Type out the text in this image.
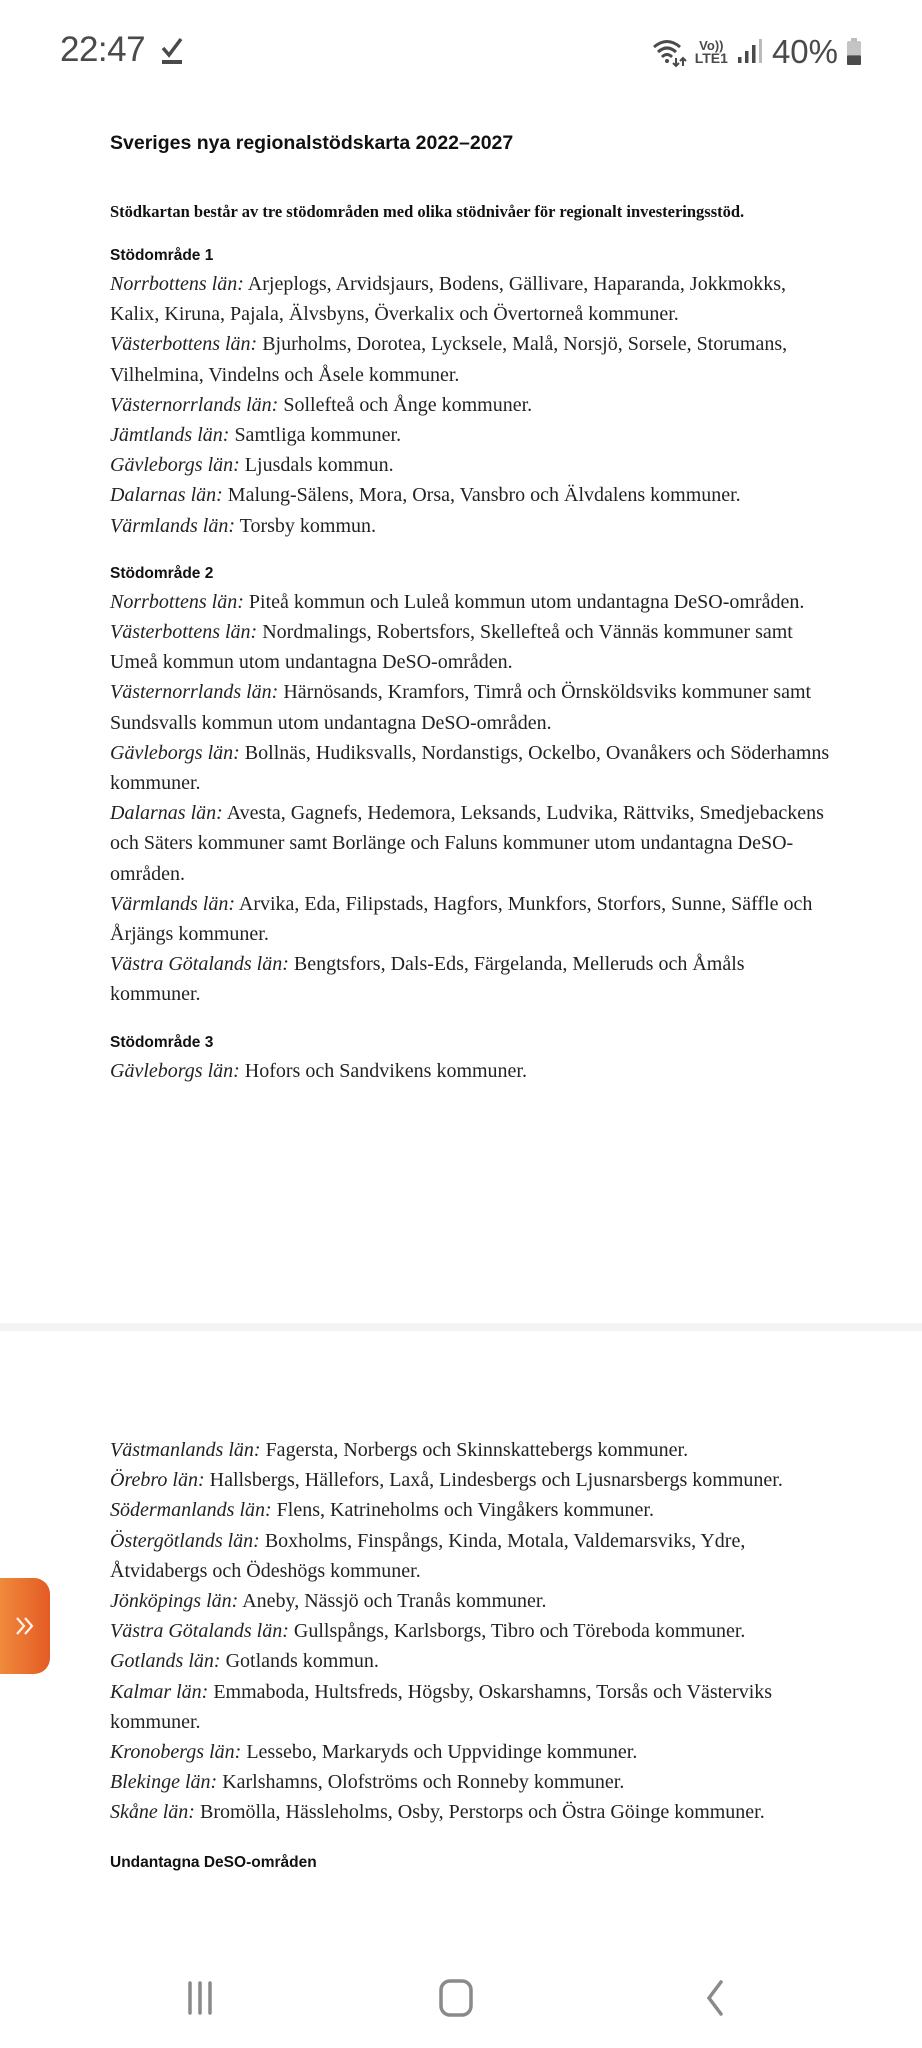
22:47	Vo))
LTE1 40%
Sveriges nya regionalstödskarta 2022–2027

Stödkartan består av tre stödområden med olika stödnivåer för regionalt investeringsstöd.

Stödområde 1

Norrbottens län: Arjeplogs, Arvidsjaurs, Bodens, Gällivare, Haparanda, Jokkmokks, Kalix, Kiruna, Pajala, Älvsbyns, Överkalix och Övertorneå kommuner.

Västerbottens län: Bjurholms, Dorotea, Lycksele, Malå, Norsjö, Sorsele, Storumans, Vilhelmina, Vindelns och Åsele kommuner.

Västernorrlands län: Sollefteå och Ånge kommuner.

Jämtlands län: Samtliga kommuner.

Gävleborgs län: Ljusdals kommun.

Dalarnas län: Malung-Sälens, Mora, Orsa, Vansbro och Älvdalens kommuner.

Värmlands län: Torsby kommun.

Stödområde 2

Norrbottens län: Piteå kommun och Luleå kommun utom undantagna DeSO-områden.

Västerbottens län: Nordmalings, Robertsfors, Skellefteå och Vännäs kommuner samt Umeå kommun utom undantagna DeSO-områden.

Västernorrlands län: Härnösands, Kramfors, Timrå och Örnsköldsviks kommuner samt Sundsvalls kommun utom undantagna DeSO-områden.

Gävleborgs län: Bollnäs, Hudiksvalls, Nordanstigs, Ockelbo, Ovanåkers och Söderhamns kommuner.

Dalarnas län: Avesta, Gagnefs, Hedemora, Leksands, Ludvika, Rättviks, Smedjebackens och Säters kommuner samt Borlänge och Faluns kommuner utom undantagna DeSO-områden.

Värmlands län: Arvika, Eda, Filipstads, Hagfors, Munkfors, Storfors, Sunne, Säffle och Årjängs kommuner.

Västra Götalands län: Bengtsfors, Dals-Eds, Färgelanda, Melleruds och Åmåls kommuner.

Stödområde 3

Gävleborgs län: Hofors och Sandvikens kommuner.

Västmanlands län: Fagersta, Norbergs och Skinnskattebergs kommuner.

Örebro län: Hallsbergs, Hällefors, Laxå, Lindesbergs och Ljusnarsbergs kommuner.

Södermanlands län: Flens, Katrineholms och Vingåkers kommuner.

Östergötlands län: Boxholms, Finspångs, Kinda, Motala, Valdemarsviks, Ydre, Åtvidabergs och Ödeshögs kommuner.

Jönköpings län: Aneby, Nässjö och Tranås kommuner.

Västra Götalands län: Gullspångs, Karlsborgs, Tibro och Töreboda kommuner.

Gotlands län: Gotlands kommun.

Kalmar län: Emmaboda, Hultsfreds, Högsby, Oskarshamns, Torsås och Västerviks kommuner.

Kronobergs län: Lessebo, Markaryds och Uppvidinge kommuner.

Blekinge län: Karlshamns, Olofströms och Ronneby kommuner.

Skåne län: Bromölla, Hässleholms, Osby, Perstorps och Östra Göinge kommuner.

Undantagna DeSO-områden
